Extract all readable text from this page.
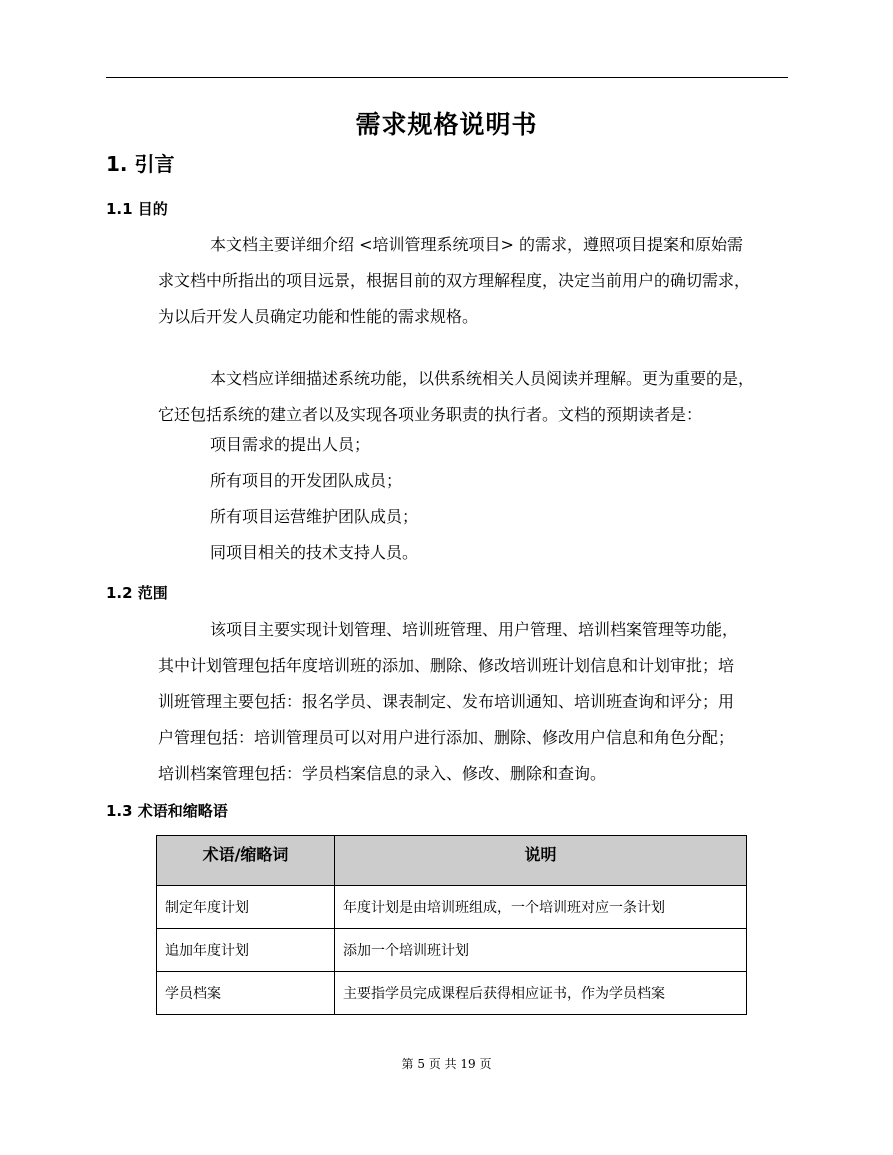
需求规格说明书
1. 引言
1.1 目的
本文档主要详细介绍 <培训管理系统项目> 的需求，遵照项目提案和原始需
求文档中所指出的项目远景，根据目前的双方理解程度，决定当前用户的确切需求，
为以后开发人员确定功能和性能的需求规格。
本文档应详细描述系统功能，以供系统相关人员阅读并理解。更为重要的是，
它还包括系统的建立者以及实现各项业务职责的执行者。文档的预期读者是：
项目需求的提出人员；
所有项目的开发团队成员；
所有项目运营维护团队成员；
同项目相关的技术支持人员。
1.2 范围
该项目主要实现计划管理、培训班管理、用户管理、培训档案管理等功能，
其中计划管理包括年度培训班的添加、删除、修改培训班计划信息和计划审批；培
训班管理主要包括：报名学员、课表制定、发布培训通知、培训班查询和评分；用
户管理包括：培训管理员可以对用户进行添加、删除、修改用户信息和角色分配；
培训档案管理包括：学员档案信息的录入、修改、删除和查询。
1.3 术语和缩略语
术语/缩略词	说明
制定年度计划	年度计划是由培训班组成，一个培训班对应一条计划
追加年度计划	添加一个培训班计划
学员档案	主要指学员完成课程后获得相应证书，作为学员档案
第 5 页 共 19 页
